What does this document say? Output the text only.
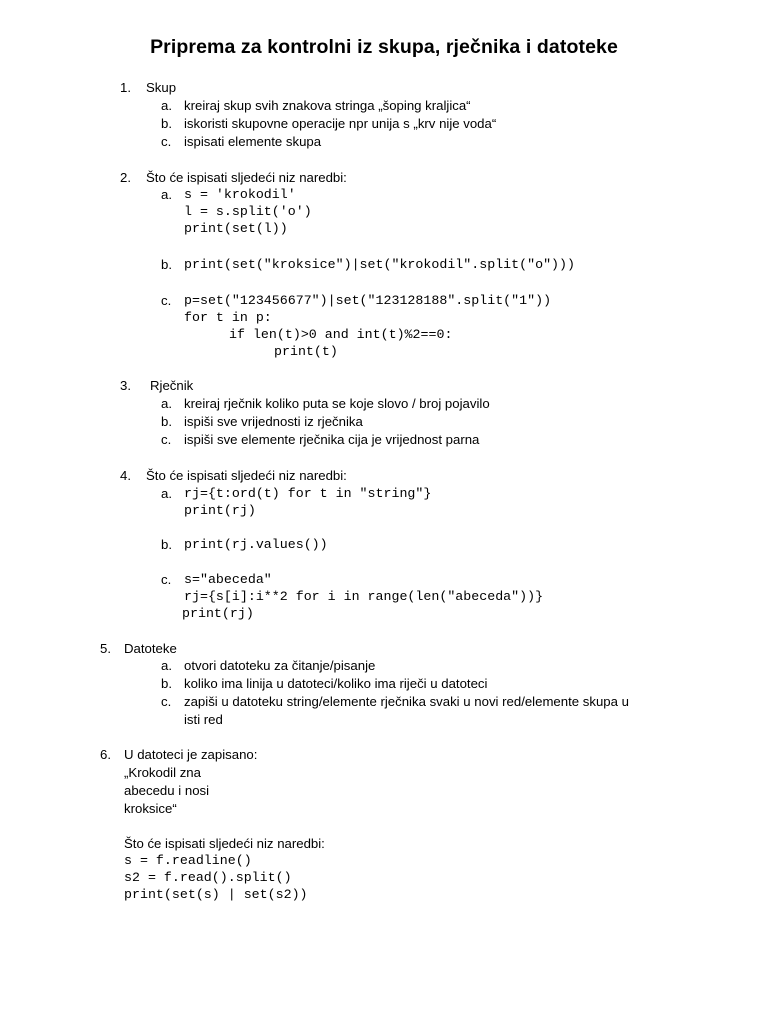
Priprema za kontrolni iz skupa, rječnika i datoteke
1. Skup
a. kreiraj skup svih znakova stringa „šoping kraljica“
b. iskoristi skupovne operacije npr unija s „krv nije voda“
c. ispisati elemente skupa
2. Što će ispisati sljedeći niz naredbi:
a. s = 'krokodil'
l = s.split('o')
print(set(l))
b. print(set("kroksice")|set("krokodil".split("o")))
c. p=set("123456677")|set("123128188".split("1"))
for t in p:
if len(t)>0 and int(t)%2==0:
print(t)
3. Rječnik
a. kreiraj rječnik koliko puta se koje slovo / broj pojavilo
b. ispiši sve vrijednosti iz rječnika
c. ispiši sve elemente rječnika cija je vrijednost parna
4. Što će ispisati sljedeći niz naredbi:
a. rj={t:ord(t) for t in "string"}
print(rj)
b. print(rj.values())
c. s="abeceda"
rj={s[i]:i**2 for i in range(len("abeceda"))}
print(rj)
5. Datoteke
a. otvori datoteku za čitanje/pisanje
b. koliko ima linija u datoteci/koliko ima riječi u datoteci
c. zapiši u datoteku string/elemente rječnika svaki u novi red/elemente skupa u
isti red
6. U datoteci je zapisano:
„Krokodil zna
abecedu i nosi
kroksice“
Što će ispisati sljedeći niz naredbi:
s = f.readline()
s2 = f.read().split()
print(set(s) | set(s2))
